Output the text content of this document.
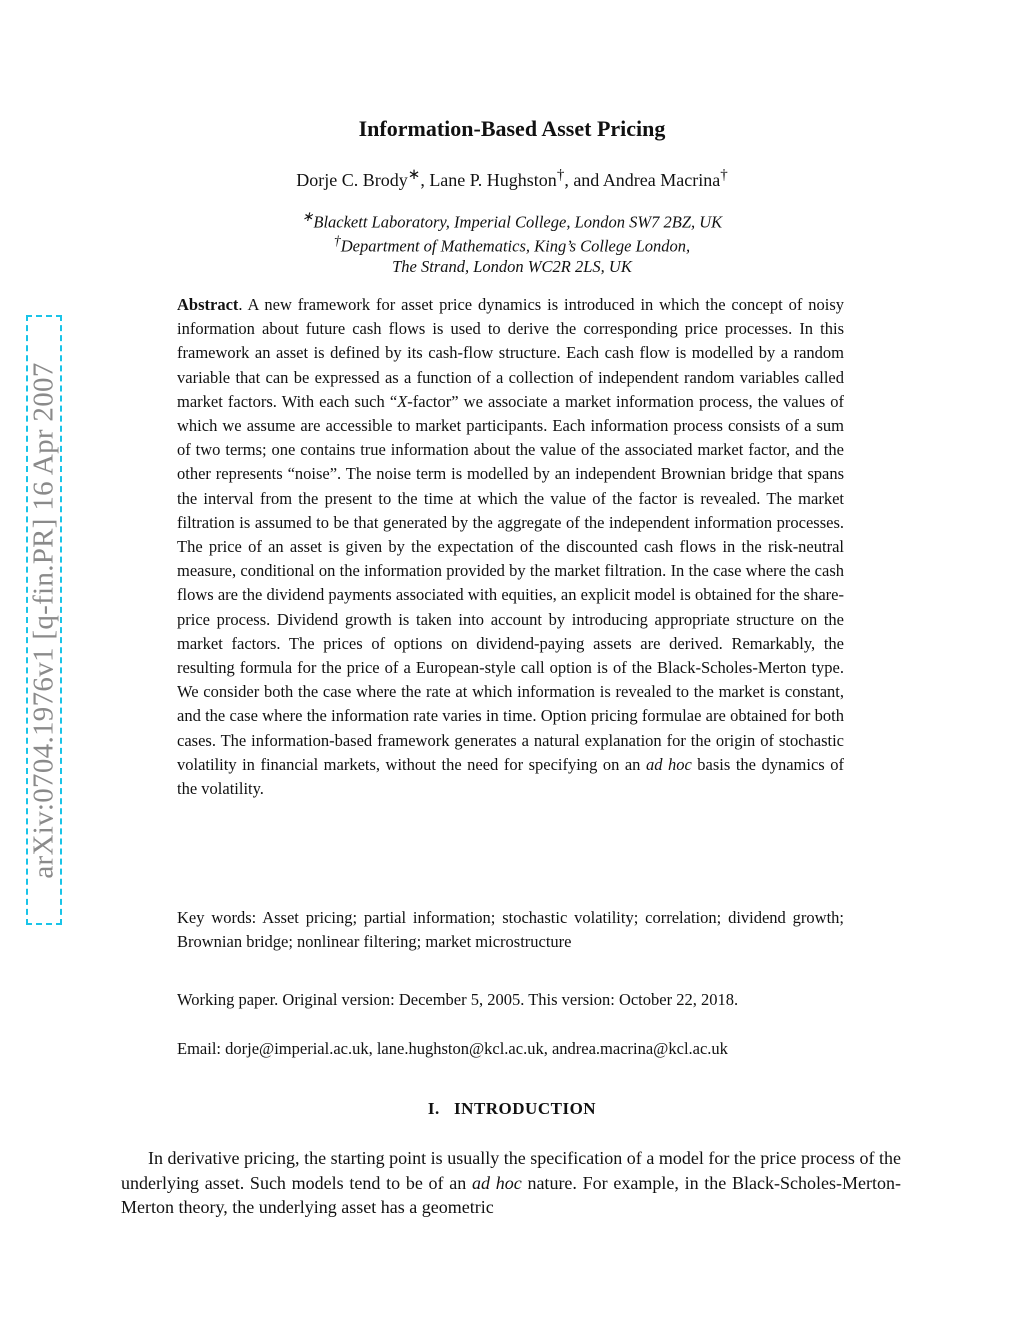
arXiv:0704.1976v1 [q-fin.PR] 16 Apr 2007
Information-Based Asset Pricing
Dorje C. Brody∗, Lane P. Hughston†, and Andrea Macrina†
∗Blackett Laboratory, Imperial College, London SW7 2BZ, UK
†Department of Mathematics, King’s College London,
The Strand, London WC2R 2LS, UK
Abstract. A new framework for asset price dynamics is introduced in which the concept of noisy information about future cash flows is used to derive the corresponding price processes. In this framework an asset is defined by its cash-flow structure. Each cash flow is modelled by a random variable that can be expressed as a function of a collection of independent random variables called market factors. With each such “X-factor” we associate a market information process, the values of which we assume are accessible to market participants. Each information process consists of a sum of two terms; one contains true information about the value of the associated market factor, and the other represents “noise”. The noise term is modelled by an independent Brownian bridge that spans the interval from the present to the time at which the value of the factor is revealed. The market filtration is assumed to be that generated by the aggregate of the independent information processes. The price of an asset is given by the expectation of the discounted cash flows in the risk-neutral measure, conditional on the information provided by the market filtration. In the case where the cash flows are the dividend payments associated with equities, an explicit model is obtained for the share-price process. Dividend growth is taken into account by introducing appropriate structure on the market factors. The prices of options on dividend-paying assets are derived. Remarkably, the resulting formula for the price of a European-style call option is of the Black-Scholes-Merton type. We consider both the case where the rate at which information is revealed to the market is constant, and the case where the information rate varies in time. Option pricing formulae are obtained for both cases. The information-based framework generates a natural explanation for the origin of stochastic volatility in financial markets, without the need for specifying on an ad hoc basis the dynamics of the volatility.
Key words: Asset pricing; partial information; stochastic volatility; correlation; dividend growth; Brownian bridge; nonlinear filtering; market microstructure
Working paper. Original version: December 5, 2005. This version: October 22, 2018.
Email: dorje@imperial.ac.uk, lane.hughston@kcl.ac.uk, andrea.macrina@kcl.ac.uk
I. INTRODUCTION
In derivative pricing, the starting point is usually the specification of a model for the price process of the underlying asset. Such models tend to be of an ad hoc nature. For example, in the Black-Scholes-Merton-Merton theory, the underlying asset has a geometric
